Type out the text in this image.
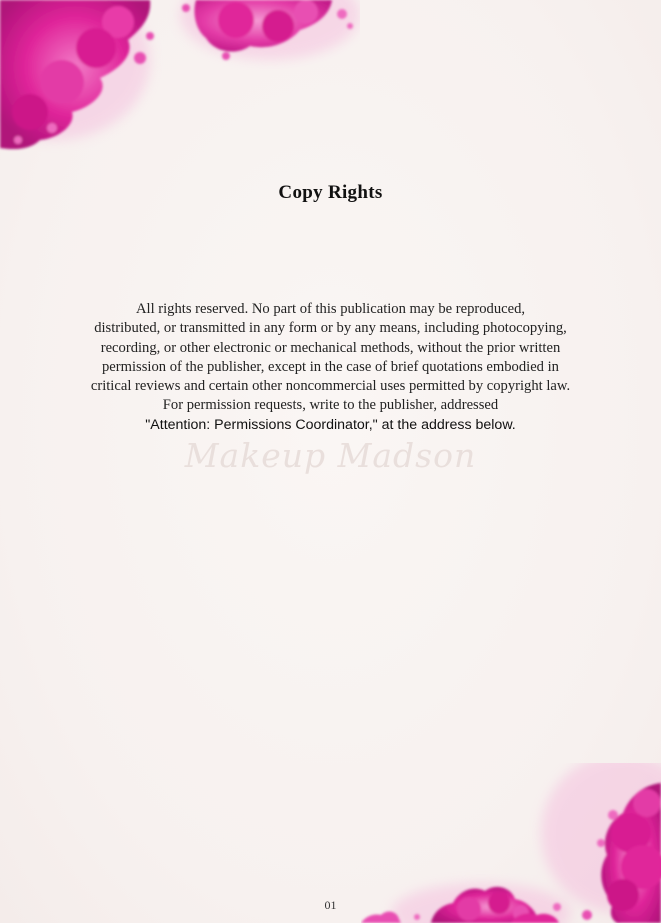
Copy Rights
All rights reserved. No part of this publication may be reproduced,
distributed, or transmitted in any form or by any means, including photocopying,
recording, or other electronic or mechanical methods, without the prior written
permission of the publisher, except in the case of brief quotations embodied in
critical reviews and certain other noncommercial uses permitted by copyright law.
For permission requests, write to the publisher, addressed
"Attention: Permissions Coordinator," at the address below.
Makeup Madson
01
